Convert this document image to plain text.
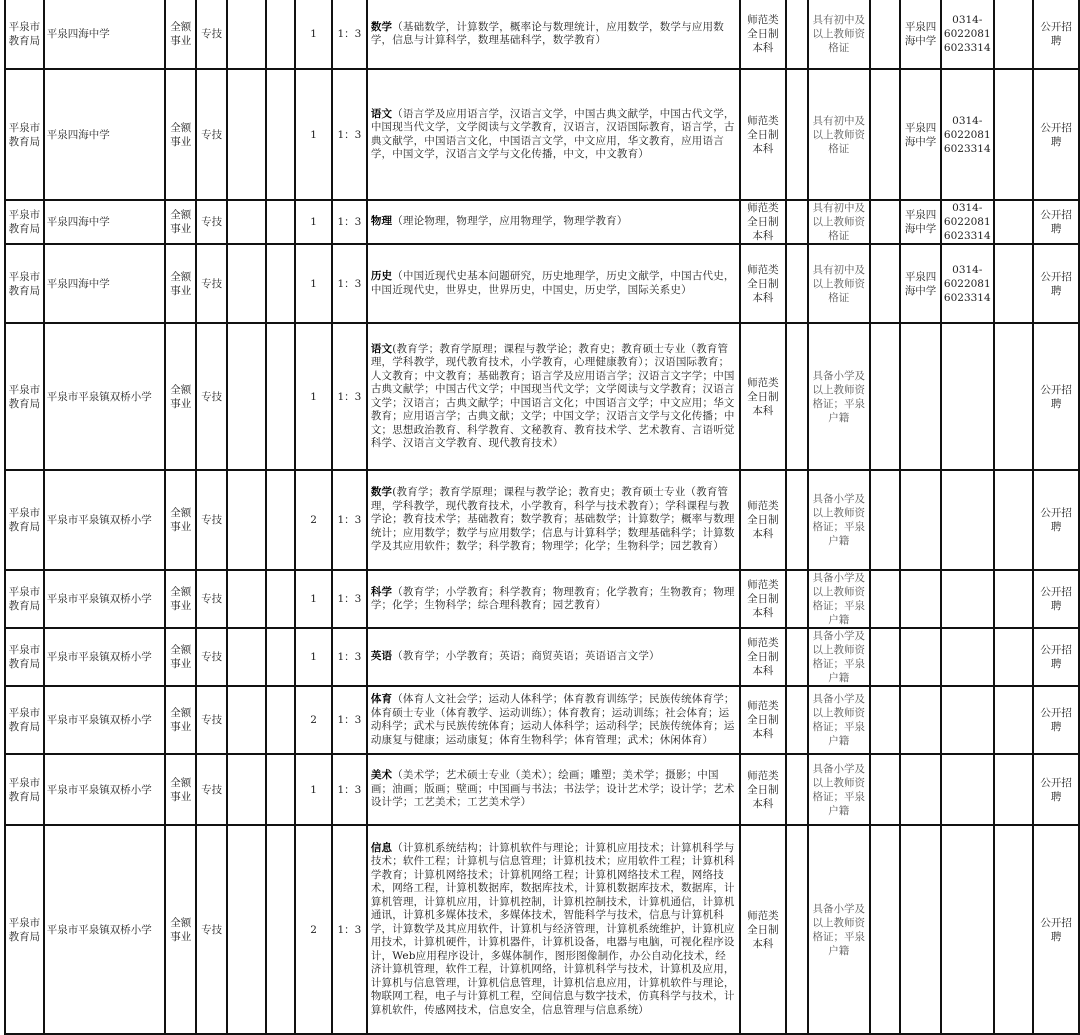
平泉市教育局	平泉四海中学	全额事业	专技			1	1：3	数学（基础数学，计算数学，概率论与数理统计，应用数学，数学与应用数学，信息与计算科学，数理基础科学，数学教育）	师范类全日制本科		具有初中及以上教师资格证		平泉四海中学	0314-6022081 6023314		公开招聘
平泉市教育局	平泉四海中学	全额事业	专技			1	1：3	语文（语言学及应用语言学，汉语言文学，中国古典文献学，中国古代文学，中国现当代文学，文学阅读与文学教育，汉语言，汉语国际教育，语言学，古典文献学，中国语言文化，中国语言文学，中文应用，华文教育，应用语言学，中国文学，汉语言文学与文化传播，中文，中文教育）	师范类全日制本科		具有初中及以上教师资格证		平泉四海中学	0314-6022081 6023314		公开招聘
平泉市教育局	平泉四海中学	全额事业	专技			1	1：3	物理（理论物理，物理学，应用物理学，物理学教育）	师范类全日制本科		具有初中及以上教师资格证		平泉四海中学	0314-6022081 6023314		公开招聘
平泉市教育局	平泉四海中学	全额事业	专技			1	1：3	历史（中国近现代史基本问题研究，历史地理学，历史文献学，中国古代史，中国近现代史，世界史，世界历史，中国史，历史学，国际关系史）	师范类全日制本科		具有初中及以上教师资格证		平泉四海中学	0314-6022081 6023314		公开招聘
平泉市教育局	平泉市平泉镇双桥小学	全额事业	专技			1	1：3	语文(教育学；教育学原理；课程与教学论；教育史；教育硕士专业（教育管理，学科教学，现代教育技术，小学教育，心理健康教育）；汉语国际教育；人文教育；中文教育；基础教育；语言学及应用语言学；汉语言文字学；中国古典文献学；中国古代文学；中国现当代文学；文学阅读与文学教育；汉语言文学；汉语言；古典文献学；中国语言文化；中国语言文学；中文应用；华文教育；应用语言学；古典文献；文学；中国文学；汉语言文学与文化传播；中文；思想政治教育、科学教育、文秘教育、教育技术学、艺术教育、言语听觉科学、汉语言文学教育、现代教育技术）	师范类全日制本科		具备小学及以上教师资格证；平泉户籍					公开招聘
平泉市教育局	平泉市平泉镇双桥小学	全额事业	专技			2	1：3	数学(教育学；教育学原理；课程与教学论；教育史；教育硕士专业（教育管理，学科教学，现代教育技术，小学教育，科学与技术教育）；学科课程与教学论；教育技术学；基础教育；数学教育；基础数学；计算数学；概率与数理统计；应用数学；数学与应用数学；信息与计算科学；数理基础科学；计算数学及其应用软件；数学；科学教育；物理学；化学；生物科学；园艺教育）	师范类全日制本科		具备小学及以上教师资格证；平泉户籍					公开招聘
平泉市教育局	平泉市平泉镇双桥小学	全额事业	专技			1	1：3	科学（教育学；小学教育；科学教育；物理教育；化学教育；生物教育；物理学；化学；生物科学；综合理科教育；园艺教育）	师范类全日制本科		具备小学及以上教师资格证；平泉户籍					公开招聘
平泉市教育局	平泉市平泉镇双桥小学	全额事业	专技			1	1：3	英语（教育学；小学教育；英语；商贸英语；英语语言文学）	师范类全日制本科		具备小学及以上教师资格证；平泉户籍					公开招聘
平泉市教育局	平泉市平泉镇双桥小学	全额事业	专技			2	1：3	体育（体育人文社会学；运动人体科学；体育教育训练学；民族传统体育学；体育硕士专业（体育教学、运动训练）；体育教育；运动训练；社会体育；运动科学；武术与民族传统体育；运动人体科学；运动科学；民族传统体育；运动康复与健康；运动康复；体育生物科学；体育管理；武术；休闲体育）	师范类全日制本科		具备小学及以上教师资格证；平泉户籍					公开招聘
平泉市教育局	平泉市平泉镇双桥小学	全额事业	专技			1	1：3	美术（美术学；艺术硕士专业（美术）；绘画；雕塑；美术学；摄影；中国画；油画；版画；壁画；中国画与书法；书法学；设计艺术学；设计学；艺术设计学；工艺美术；工艺美术学）	师范类全日制本科		具备小学及以上教师资格证；平泉户籍					公开招聘
平泉市教育局	平泉市平泉镇双桥小学	全额事业	专技			2	1：3	信息（计算机系统结构；计算机软件与理论；计算机应用技术；计算机科学与技术；软件工程；计算机与信息管理；计算机技术；应用软件工程；计算机科学教育；计算机网络技术；计算机网络工程；计算机网络技术工程，网络技术，网络工程，计算机数据库，数据库技术，计算机数据库技术，数据库，计算机管理，计算机应用，计算机控制，计算机控制技术，计算机通信，计算机通讯，计算机多媒体技术，多媒体技术，智能科学与技术，信息与计算机科学，计算数学及其应用软件，计算机与经济管理，计算机系统维护，计算机应用技术，计算机硬件，计算机器件，计算机设备，电器与电脑，可视化程序设计，Web应用程序设计，多媒体制作，图形图像制作，办公自动化技术，经济计算机管理，软件工程，计算机网络，计算机科学与技术，计算机及应用，计算机与信息管理，计算机信息管理，计算机信息应用，计算机软件与理论，物联网工程，电子与计算机工程，空间信息与数字技术，仿真科学与技术，计算机软件，传感网技术，信息安全，信息管理与信息系统）	师范类全日制本科		具备小学及以上教师资格证；平泉户籍					公开招聘
